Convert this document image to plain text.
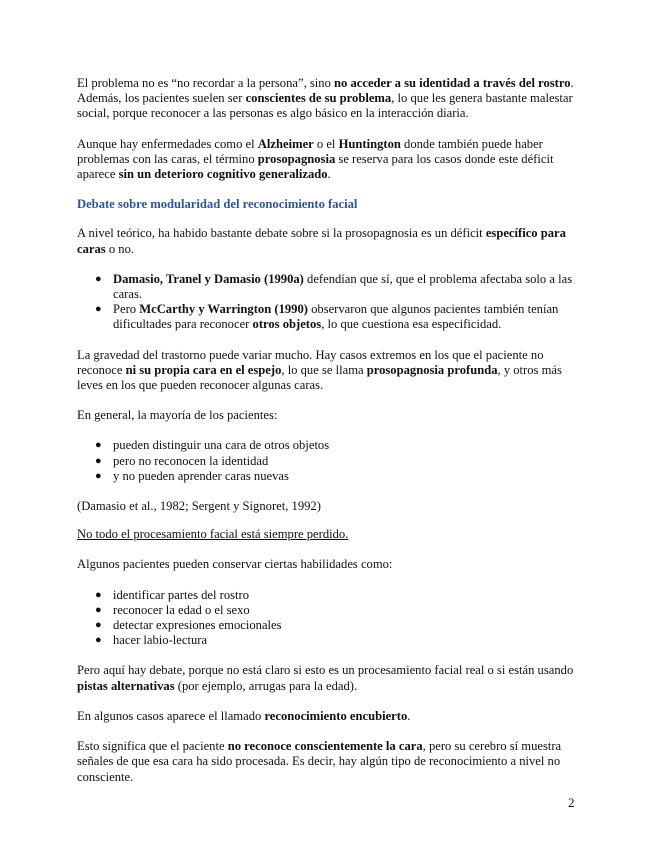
El problema no es “no recordar a la persona”, sino no acceder a su identidad a través del rostro. Además, los pacientes suelen ser conscientes de su problema, lo que les genera bastante malestar social, porque reconocer a las personas es algo básico en la interacción diaria.

Aunque hay enfermedades como el Alzheimer o el Huntington donde también puede haber problemas con las caras, el término prosopagnosia se reserva para los casos donde este déficit aparece sin un deterioro cognitivo generalizado.

Debate sobre modularidad del reconocimiento facial

A nivel teórico, ha habido bastante debate sobre si la prosopagnosia es un déficit específico para caras o no.

● Damasio, Tranel y Damasio (1990a) defendían que sí, que el problema afectaba solo a las caras.
● Pero McCarthy y Warrington (1990) observaron que algunos pacientes también tenían dificultades para reconocer otros objetos, lo que cuestiona esa especificidad.

La gravedad del trastorno puede variar mucho. Hay casos extremos en los que el paciente no reconoce ni su propia cara en el espejo, lo que se llama prosopagnosia profunda, y otros más leves en los que pueden reconocer algunas caras.

En general, la mayoría de los pacientes:

● pueden distinguir una cara de otros objetos
● pero no reconocen la identidad
● y no pueden aprender caras nuevas

(Damasio et al., 1982; Sergent y Signoret, 1992)

No todo el procesamiento facial está siempre perdido.

Algunos pacientes pueden conservar ciertas habilidades como:

● identificar partes del rostro
● reconocer la edad o el sexo
● detectar expresiones emocionales
● hacer labio-lectura

Pero aquí hay debate, porque no está claro si esto es un procesamiento facial real o si están usando pistas alternativas (por ejemplo, arrugas para la edad).

En algunos casos aparece el llamado reconocimiento encubierto.

Esto significa que el paciente no reconoce conscientemente la cara, pero su cerebro sí muestra señales de que esa cara ha sido procesada. Es decir, hay algún tipo de reconocimiento a nivel no consciente.

2
